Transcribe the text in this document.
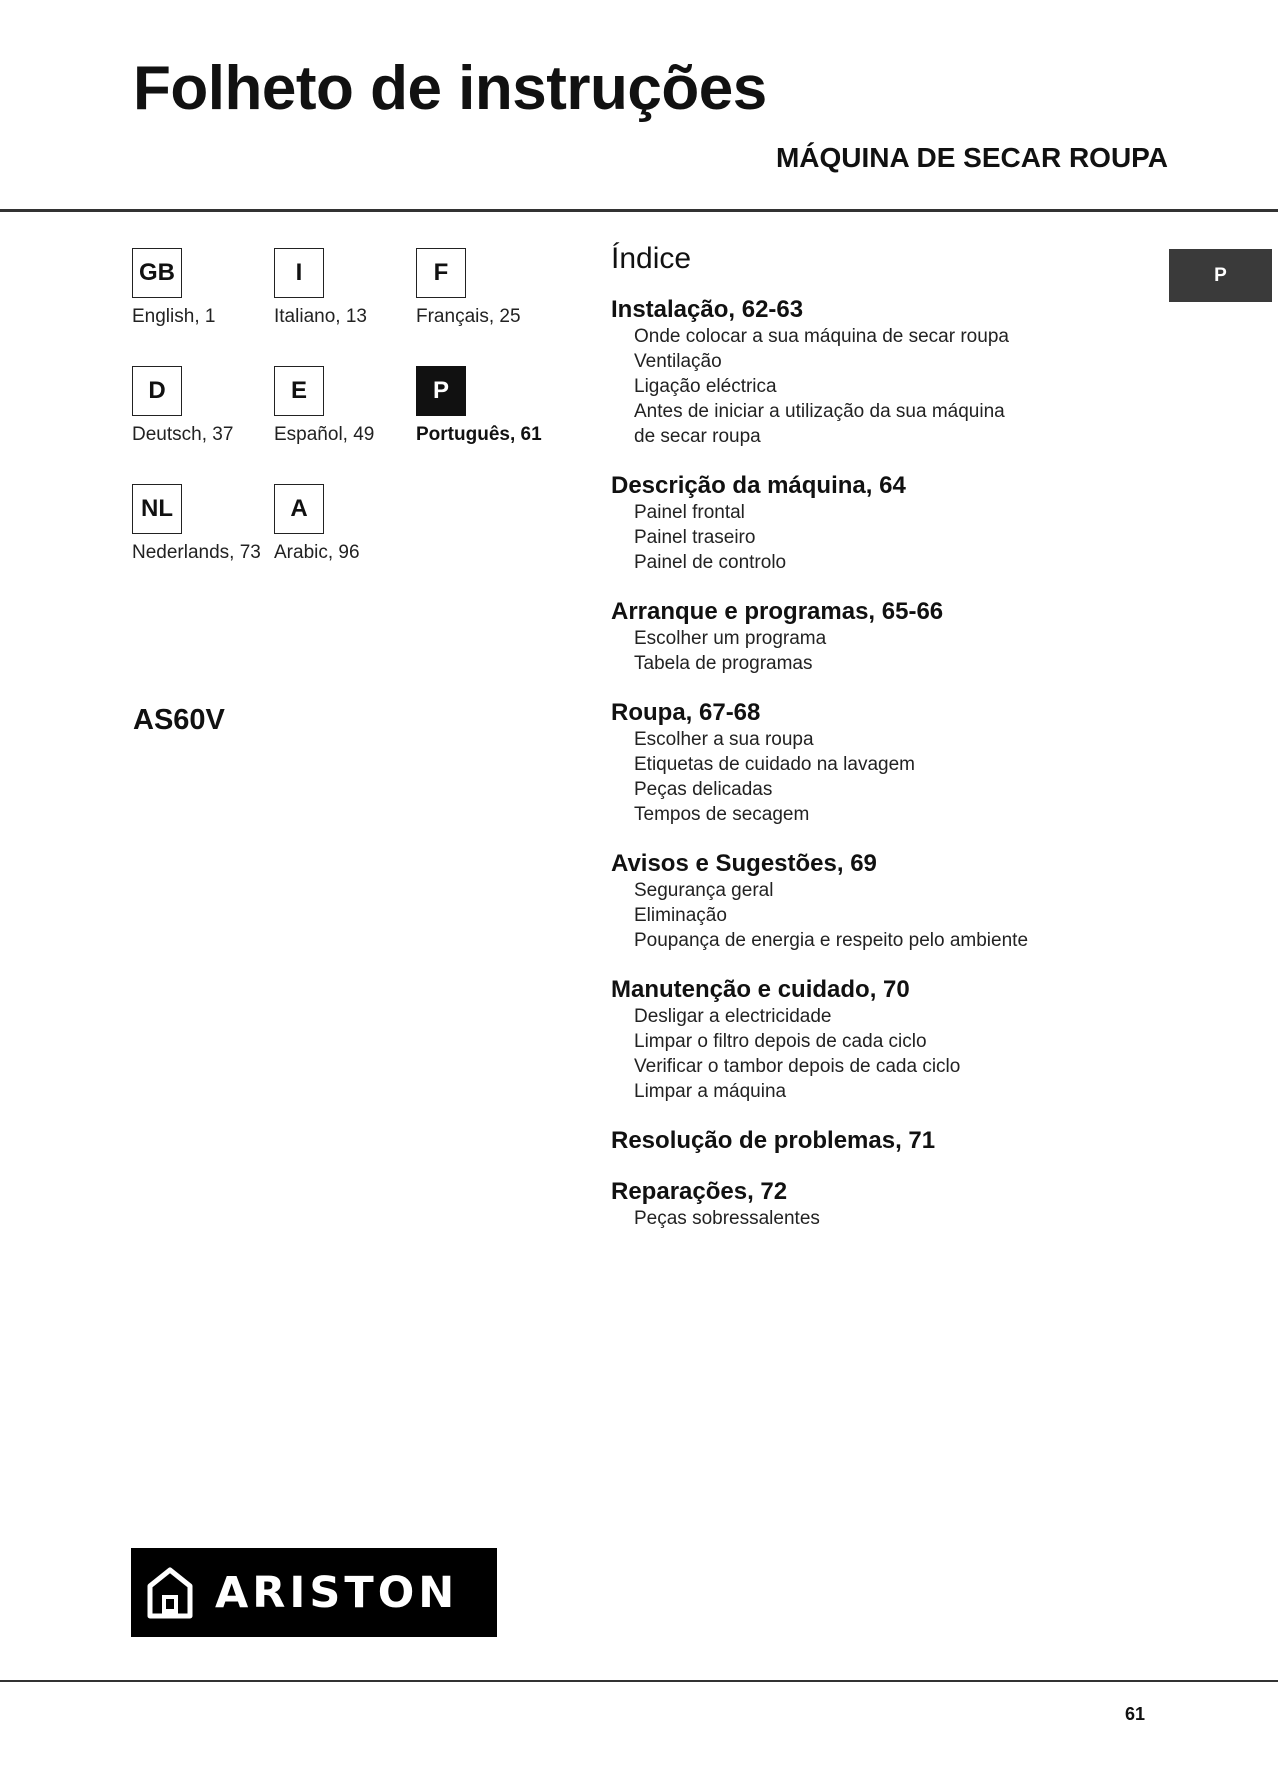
Folheto de instruções
MÁQUINA DE SECAR ROUPA
GB
English, 1
I
Italiano, 13
F
Français, 25
D
Deutsch, 37
E
Español, 49
P
Português, 61
NL
Nederlands, 73
A
Arabic, 96
AS60V
ARISTON
Índice
Instalação, 62-63
Onde colocar a sua máquina de secar roupa
Ventilação
Ligação eléctrica
Antes de iniciar a utilização da sua máquina
de secar roupa
Descrição da máquina, 64
Painel frontal
Painel traseiro
Painel de controlo
Arranque e programas, 65-66
Escolher um programa
Tabela de programas
Roupa, 67-68
Escolher a sua roupa
Etiquetas de cuidado na lavagem
Peças delicadas
Tempos de secagem
Avisos e Sugestões, 69
Segurança geral
Eliminação
Poupança de energia e respeito pelo ambiente
Manutenção e cuidado, 70
Desligar a electricidade
Limpar o filtro depois de cada ciclo
Verificar o tambor depois de cada ciclo
Limpar a máquina
Resolução de problemas, 71
Reparações, 72
Peças sobressalentes
P
61
